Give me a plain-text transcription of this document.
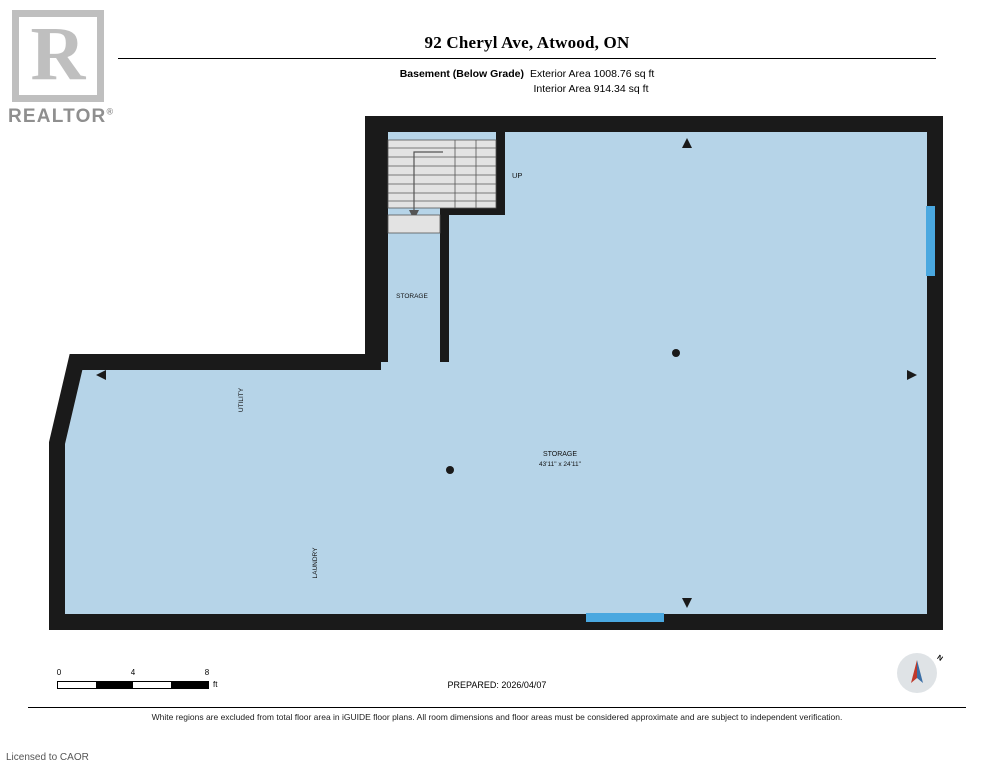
R
REALTOR®
92 Cheryl Ave, Atwood, ON
Basement (Below Grade) Exterior Area 1008.76 sq ft
Interior Area 914.34 sq ft
UP
STORAGE
UTILITY
LAUNDRY
STORAGE
43'11" x 24'11"
0	4	8
ft	PREPARED: 2026/04/07
N
White regions are excluded from total floor area in iGUIDE floor plans. All room dimensions and floor areas must be considered approximate and are subject to independent verification.
Licensed to CAOR
